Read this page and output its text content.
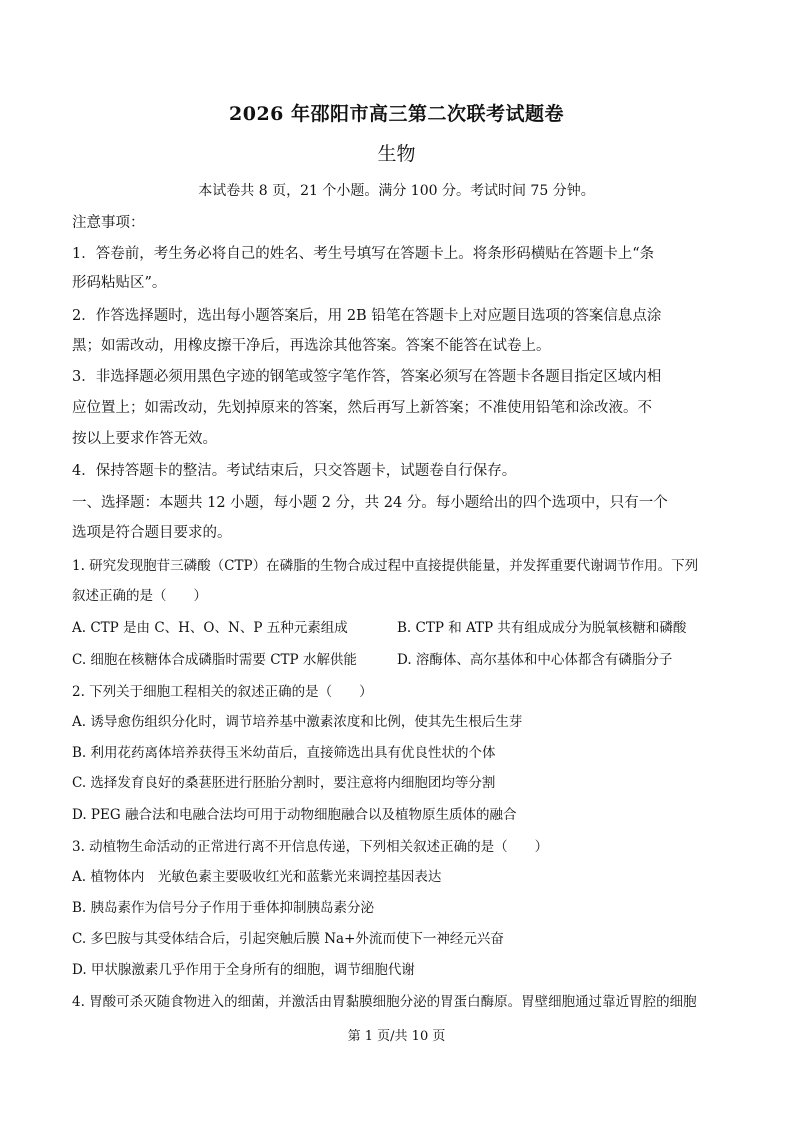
2026 年邵阳市高三第二次联考试题卷
生物
本试卷共 8 页，21 个小题。满分 100 分。考试时间 75 分钟。
注意事项：
1．答卷前，考生务必将自己的姓名、考生号填写在答题卡上。将条形码横贴在答题卡上“条
形码粘贴区”。
2．作答选择题时，选出每小题答案后，用 2B 铅笔在答题卡上对应题目选项的答案信息点涂
黑；如需改动，用橡皮擦干净后，再选涂其他答案。答案不能答在试卷上。
3．非选择题必须用黑色字迹的钢笔或签字笔作答，答案必须写在答题卡各题目指定区域内相
应位置上；如需改动，先划掉原来的答案，然后再写上新答案；不准使用铅笔和涂改液。不
按以上要求作答无效。
4．保持答题卡的整洁。考试结束后，只交答题卡，试题卷自行保存。
一、选择题：本题共 12 小题，每小题 2 分，共 24 分。每小题给出的四个选项中，只有一个
选项是符合题目要求的。
1. 研究发现胞苷三磷酸（CTP）在磷脂的生物合成过程中直接提供能量，并发挥重要代谢调节作用。下列
叙述正确的是（　　）
A. CTP 是由 C、H、O、N、P 五种元素组成	B. CTP 和 ATP 共有组成成分为脱氧核糖和磷酸
C. 细胞在核糖体合成磷脂时需要 CTP 水解供能	D. 溶酶体、高尔基体和中心体都含有磷脂分子
2. 下列关于细胞工程相关的叙述正确的是（　　）
A. 诱导愈伤组织分化时，调节培养基中激素浓度和比例，使其先生根后生芽
B. 利用花药离体培养获得玉米幼苗后，直接筛选出具有优良性状的个体
C. 选择发育良好的桑葚胚进行胚胎分割时，要注意将内细胞团均等分割
D. PEG 融合法和电融合法均可用于动物细胞融合以及植物原生质体的融合
3. 动植物生命活动的正常进行离不开信息传递，下列相关叙述正确的是（　　）
A. 植物体内　光敏色素主要吸收红光和蓝紫光来调控基因表达
B. 胰岛素作为信号分子作用于垂体抑制胰岛素分泌
C. 多巴胺与其受体结合后，引起突触后膜 Na+外流而使下一神经元兴奋
D. 甲状腺激素几乎作用于全身所有的细胞，调节细胞代谢
4. 胃酸可杀灭随食物进入的细菌，并激活由胃黏膜细胞分泌的胃蛋白酶原。胃壁细胞通过靠近胃腔的细胞
第 1 页/共 10 页
